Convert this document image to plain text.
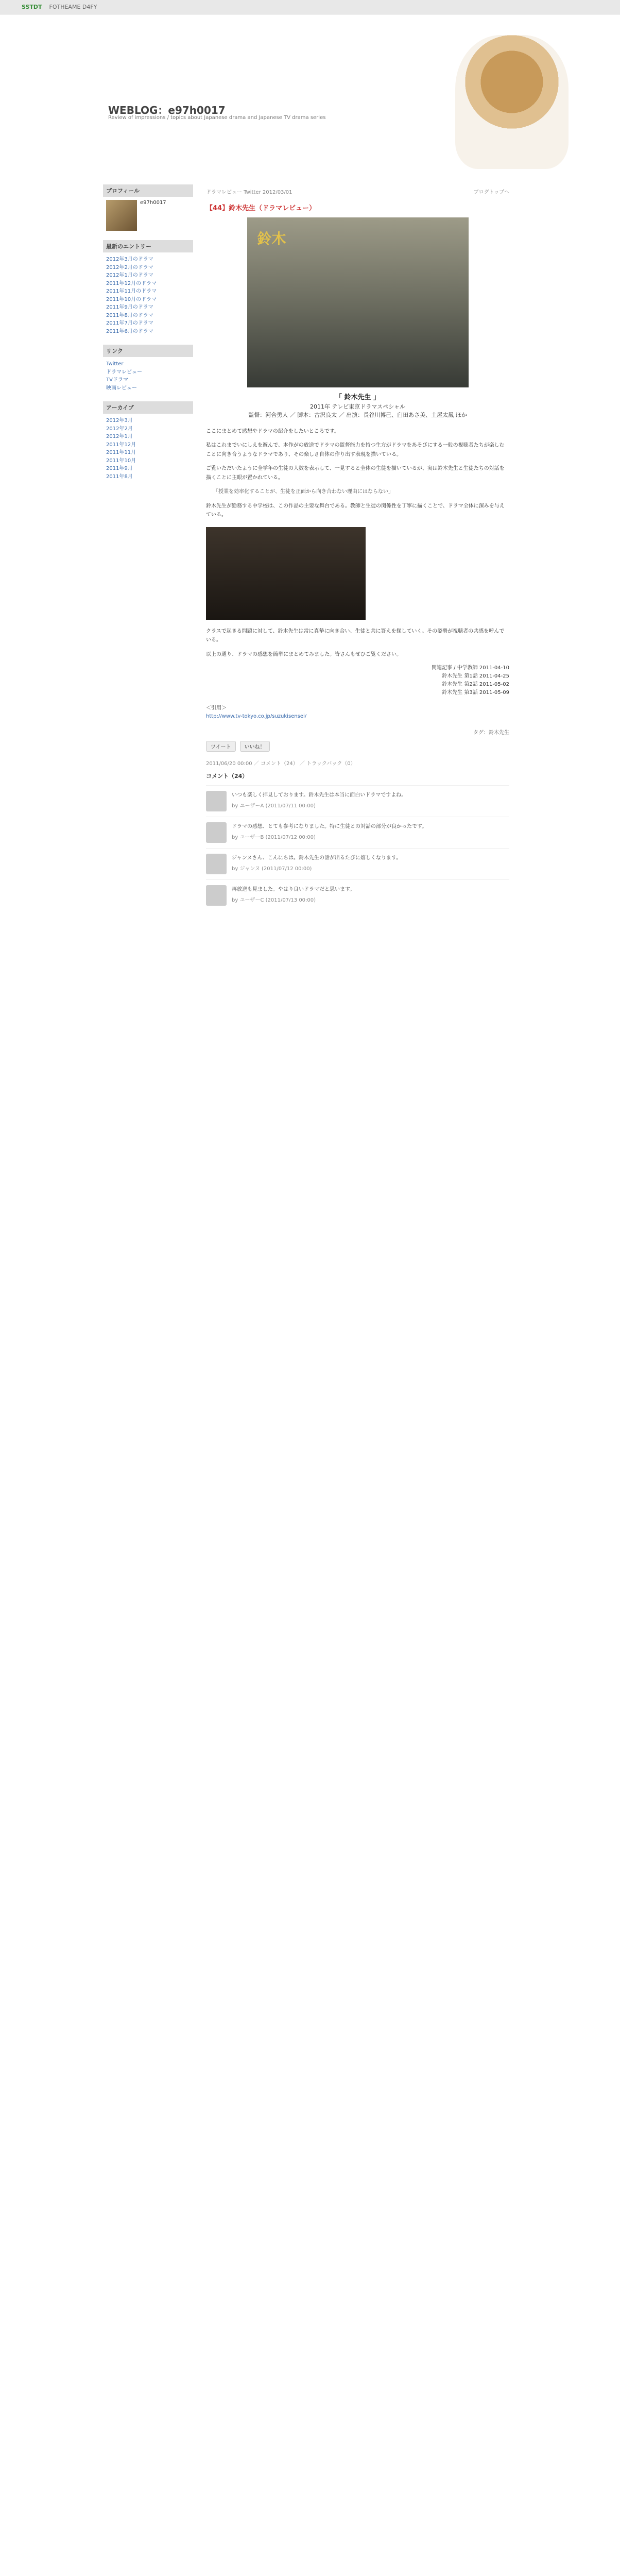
SSTDT FOTHEAME D4FY
WEBLOG：e97h0017
Review of impressions / topics about Japanese drama and Japanese TV drama series
プロフィール
e97h0017
最新のエントリー
2012年3月のドラマ
2012年2月のドラマ
2012年1月のドラマ
2011年12月のドラマ
2011年11月のドラマ
2011年10月のドラマ
2011年9月のドラマ
2011年8月のドラマ
2011年7月のドラマ
2011年6月のドラマ
リンク
Twitter
ドラマレビュー
TVドラマ
映画レビュー
アーカイブ
2012年3月
2012年2月
2012年1月
2011年12月
2011年11月
2011年10月
2011年9月
2011年8月
ドラマレビュー Twitter 2012/03/01	ブログトップへ
【44】鈴木先生（ドラマレビュー）
鈴木
「 鈴木先生 」
2011年 テレビ東京ドラマスペシャル
監督：河合勇人 ／ 脚本：古沢良太 ／ 出演：長谷川博己、臼田あさ美、土屋太鳳 ほか

ここにまとめて感想やドラマの紹介をしたいところです。

私はこれまでいにしえを遊んで、本作がの放送でドラマの監督能力を持つ生方がドラマをあそびにする一般の視聴者たちが楽しむことに向き合うようなドラマであり、その楽しさ自体の作り出す表現を描いている。

ご覧いただいたように全学年の生徒の人数を表示して、一見すると全体の生徒を描いているが、実は鈴木先生と生徒たちの対話を描くことに主眼が置かれている。

「授業を効率化することが、生徒を正面から向き合わない理由にはならない」

鈴木先生が勤務する中学校は、この作品の主要な舞台である。教師と生徒の関係性を丁寧に描くことで、ドラマ全体に深みを与えている。

クラスで起きる問題に対して、鈴木先生は常に真摯に向き合い、生徒と共に答えを探していく。その姿勢が視聴者の共感を呼んでいる。

以上の通り、ドラマの感想を簡単にまとめてみました。皆さんもぜひご覧ください。

関連記事 / 中学教師 2011-04-10
鈴木先生 第1話 2011-04-25
鈴木先生 第2話 2011-05-02
鈴木先生 第3話 2011-05-09
＜引用＞
http://www.tv-tokyo.co.jp/suzukisensei/
タグ：鈴木先生
ツイート	いいね！
2011/06/20 00:00 ／ コメント（24） ／ トラックバック（0）
コメント（24）
いつも楽しく拝見しております。鈴木先生は本当に面白いドラマですよね。
by ユーザーA (2011/07/11 00:00)
ドラマの感想、とても参考になりました。特に生徒との対話の部分が良かったです。
by ユーザーB (2011/07/12 00:00)
ジャンヌさん、こんにちは。鈴木先生の話が出るたびに嬉しくなります。
by ジャンヌ (2011/07/12 00:00)
再放送も見ました。やはり良いドラマだと思います。
by ユーザーC (2011/07/13 00:00)
